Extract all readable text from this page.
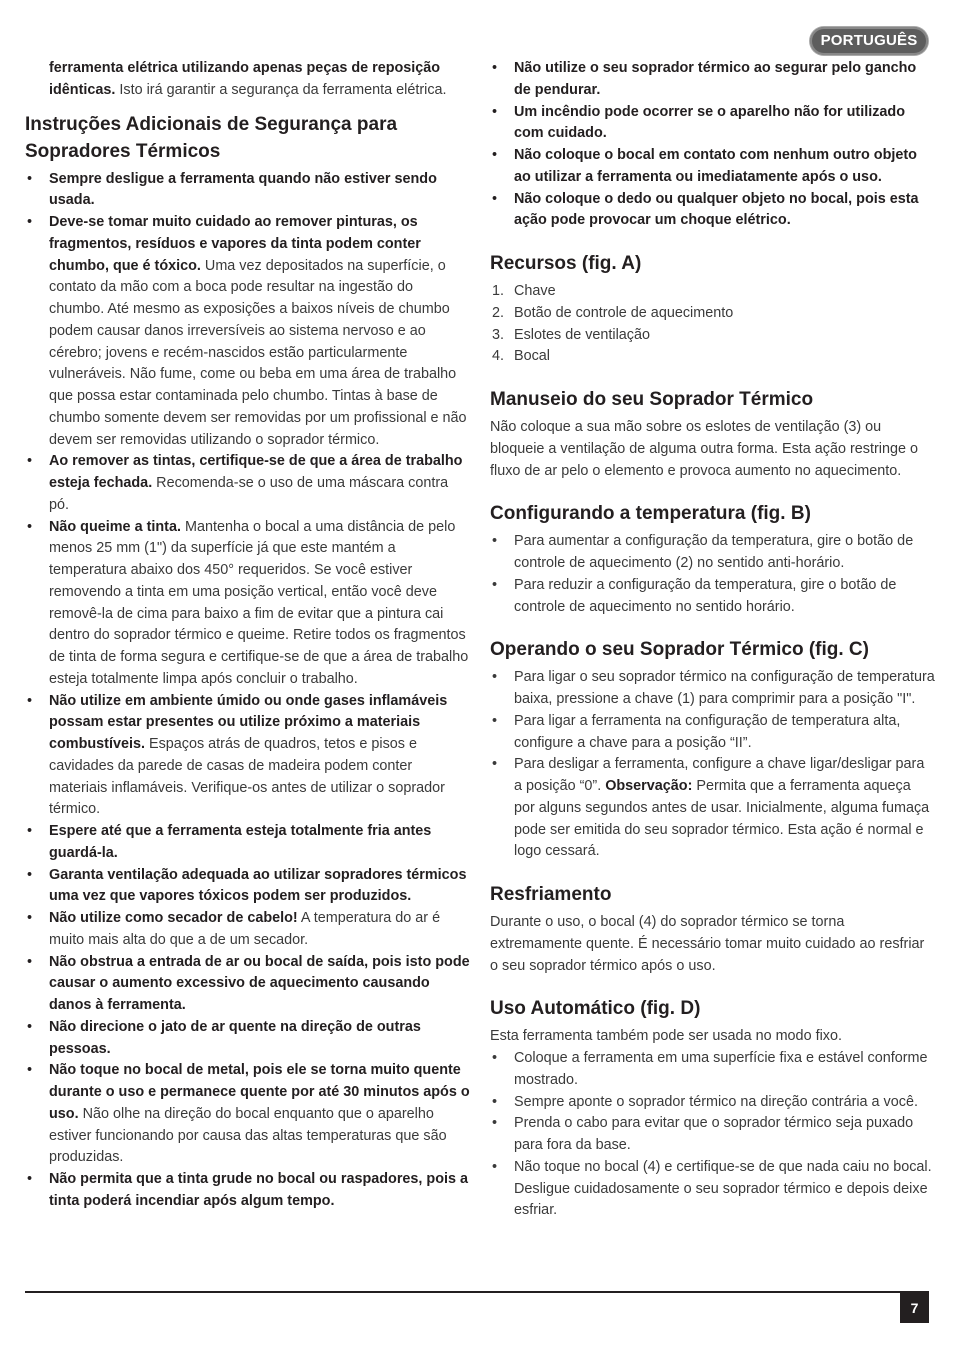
PORTUGUÊS

ferramenta elétrica utilizando apenas peças de reposição idênticas. Isto irá garantir a segurança da ferramenta elétrica.

Instruções Adicionais de Segurança para Sopradores Térmicos
• Sempre desligue a ferramenta quando não estiver sendo usada.
• Deve-se tomar muito cuidado ao remover pinturas, os fragmentos, resíduos e vapores da tinta podem conter chumbo, que é tóxico. Uma vez depositados na superfície, o contato da mão com a boca pode resultar na ingestão do chumbo. Até mesmo as exposições a baixos níveis de chumbo podem causar danos irreversíveis ao sistema nervoso e ao cérebro; jovens e recém-nascidos estão particularmente vulneráveis. Não fume, come ou beba em uma área de trabalho que possa estar contaminada pelo chumbo. Tintas à base de chumbo somente devem ser removidas por um profissional e não devem ser removidas utilizando o soprador térmico.
• Ao remover as tintas, certifique-se de que a área de trabalho esteja fechada. Recomenda-se o uso de uma máscara contra pó.
• Não queime a tinta. Mantenha o bocal a uma distância de pelo menos 25 mm (1") da superfície já que este mantém a temperatura abaixo dos 450° requeridos. Se você estiver removendo a tinta em uma posição vertical, então você deve removê-la de cima para baixo a fim de evitar que a pintura cai dentro do soprador térmico e queime. Retire todos os fragmentos de tinta de forma segura e certifique-se de que a área de trabalho esteja totalmente limpa após concluir o trabalho.
• Não utilize em ambiente úmido ou onde gases inflamáveis possam estar presentes ou utilize próximo a materiais combustíveis. Espaços atrás de quadros, tetos e pisos e cavidades da parede de casas de madeira podem conter materiais inflamáveis. Verifique-os antes de utilizar o soprador térmico.
• Espere até que a ferramenta esteja totalmente fria antes guardá-la.
• Garanta ventilação adequada ao utilizar sopradores térmicos uma vez que vapores tóxicos podem ser produzidos.
• Não utilize como secador de cabelo! A temperatura do ar é muito mais alta do que a de um secador.
• Não obstrua a entrada de ar ou bocal de saída, pois isto pode causar o aumento excessivo de aquecimento causando danos à ferramenta.
• Não direcione o jato de ar quente na direção de outras pessoas.
• Não toque no bocal de metal, pois ele se torna muito quente durante o uso e permanece quente por até 30 minutos após o uso. Não olhe na direção do bocal enquanto que o aparelho estiver funcionando por causa das altas temperaturas que são produzidas.
• Não permita que a tinta grude no bocal ou raspadores, pois a tinta poderá incendiar após algum tempo.
• Não utilize o seu soprador térmico ao segurar pelo gancho de pendurar.
• Um incêndio pode ocorrer se o aparelho não for utilizado com cuidado.
• Não coloque o bocal em contato com nenhum outro objeto ao utilizar a ferramenta ou imediatamente após o uso.
• Não coloque o dedo ou qualquer objeto no bocal, pois esta ação pode provocar um choque elétrico.
Recursos (fig. A)
1. Chave
2. Botão de controle de aquecimento
3. Eslotes de ventilação
4. Bocal
Manuseio do seu Soprador Térmico

Não coloque a sua mão sobre os eslotes de ventilação (3) ou bloqueie a ventilação de alguma outra forma. Esta ação restringe o fluxo de ar pelo o elemento e provoca aumento no aquecimento.

Configurando a temperatura (fig. B)
• Para aumentar a configuração da temperatura, gire o botão de controle de aquecimento (2) no sentido anti-horário.
• Para reduzir a configuração da temperatura, gire o botão de controle de aquecimento no sentido horário.
Operando o seu Soprador Térmico (fig. C)
• Para ligar o seu soprador térmico na configuração de temperatura baixa, pressione a chave (1) para comprimir para a posição "I".
• Para ligar a ferramenta na configuração de temperatura alta, configure a chave para a posição “II”.
• Para desligar a ferramenta, configure a chave ligar/desligar para a posição “0”. Observação: Permita que a ferramenta aqueça por alguns segundos antes de usar. Inicialmente, alguma fumaça pode ser emitida do seu soprador térmico. Esta ação é normal e logo cessará.
Resfriamento

Durante o uso, o bocal (4) do soprador térmico se torna extremamente quente. É necessário tomar muito cuidado ao resfriar o seu soprador térmico após o uso.

Uso Automático (fig. D)

Esta ferramenta também pode ser usada no modo fixo.

• Coloque a ferramenta em uma superfície fixa e estável conforme mostrado.
• Sempre aponte o soprador térmico na direção contrária a você.
• Prenda o cabo para evitar que o soprador térmico seja puxado para fora da base.
• Não toque no bocal (4) e certifique-se de que nada caiu no bocal. Desligue cuidadosamente o seu soprador térmico e depois deixe esfriar.
7
